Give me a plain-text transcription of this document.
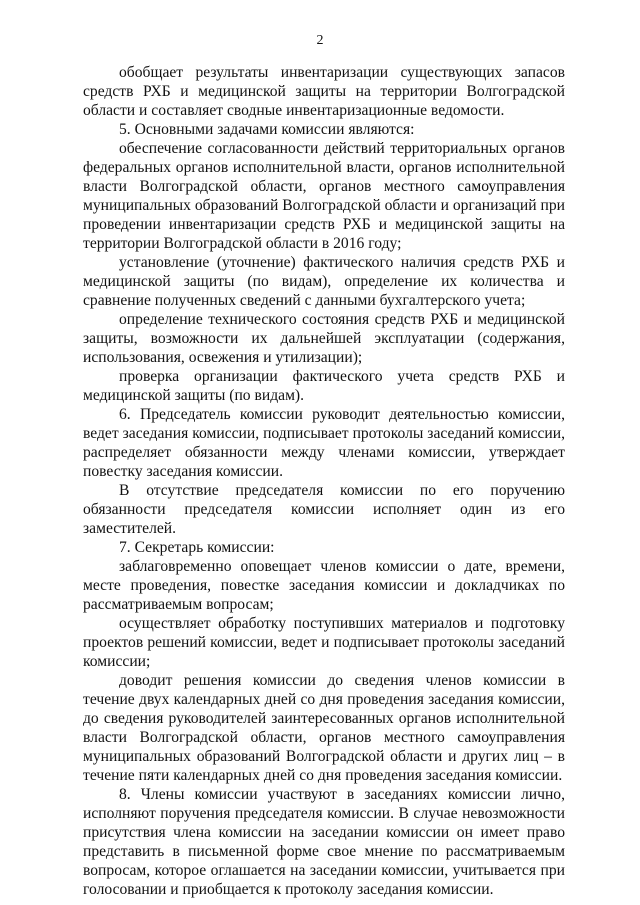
2

обобщает результаты инвентаризации существующих запасов средств РХБ и медицинской защиты на территории Волгоградской области и составляет сводные инвентаризационные ведомости.

5. Основными задачами комиссии являются:

обеспечение согласованности действий территориальных органов федеральных органов исполнительной власти, органов исполнительной власти Волгоградской области, органов местного самоуправления муниципальных образований Волгоградской области и организаций при проведении инвентаризации средств РХБ и медицинской защиты на территории Волгоградской области в 2016 году;

установление (уточнение) фактического наличия средств РХБ и медицинской защиты (по видам), определение их количества и сравнение полученных сведений с данными бухгалтерского учета;

определение технического состояния средств РХБ и медицинской защиты, возможности их дальнейшей эксплуатации (содержания, использования, освежения и утилизации);

проверка организации фактического учета средств РХБ и медицинской защиты (по видам).

6. Председатель комиссии руководит деятельностью комиссии, ведет заседания комиссии, подписывает протоколы заседаний комиссии, распределяет обязанности между членами комиссии, утверждает повестку заседания комиссии.

В отсутствие председателя комиссии по его поручению обязанности председателя комиссии исполняет один из его заместителей.

7. Секретарь комиссии:

заблаговременно оповещает членов комиссии о дате, времени, месте проведения, повестке заседания комиссии и докладчиках по рассматриваемым вопросам;

осуществляет обработку поступивших материалов и подготовку проектов решений комиссии, ведет и подписывает протоколы заседаний комиссии;

доводит решения комиссии до сведения членов комиссии в течение двух календарных дней со дня проведения заседания комиссии, до сведения руководителей заинтересованных органов исполнительной власти Волгоградской области, органов местного самоуправления муниципальных образований Волгоградской области и других лиц – в течение пяти календарных дней со дня проведения заседания комиссии.

8. Члены комиссии участвуют в заседаниях комиссии лично, исполняют поручения председателя комиссии. В случае невозможности присутствия члена комиссии на заседании комиссии он имеет право представить в письменной форме свое мнение по рассматриваемым вопросам, которое оглашается на заседании комиссии, учитывается при голосовании и приобщается к протоколу заседания комиссии.
